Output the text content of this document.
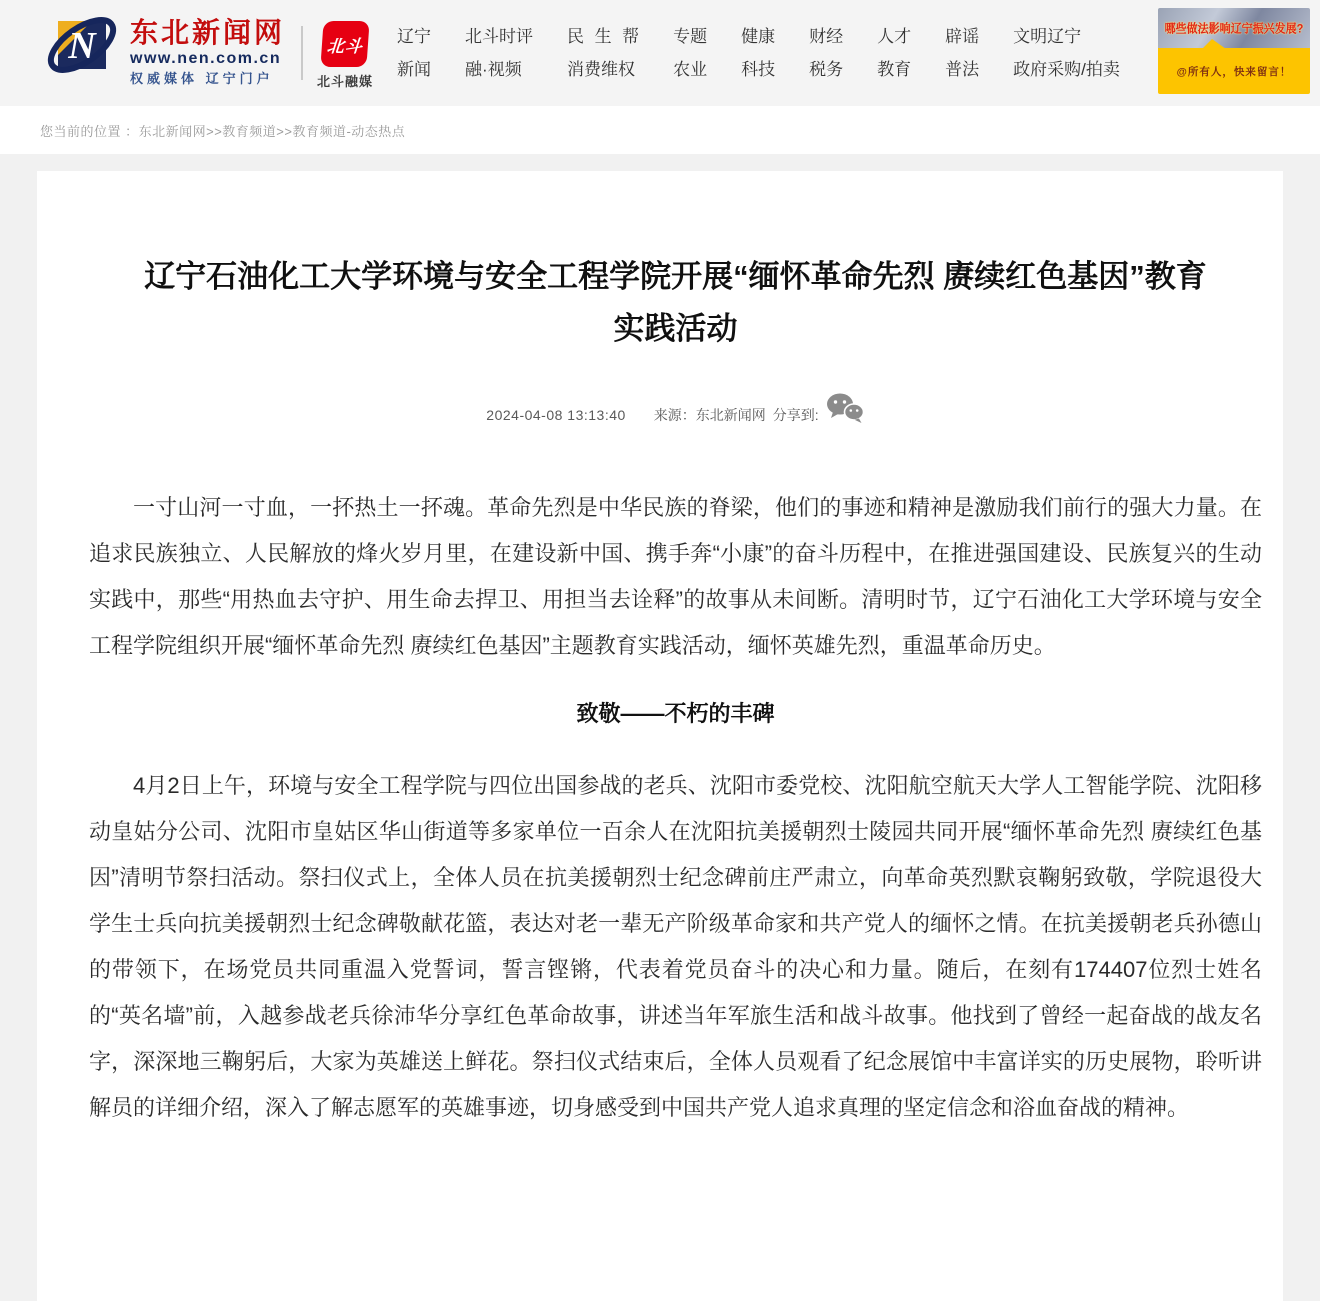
N 东北新闻网
www.nen.com.cn
权威媒体 辽宁门户
北斗
北斗融媒
辽宁
新闻
北斗时评
融·视频
民生帮
消费维权
专题
农业
健康
科技
财经
税务
人才
教育
辟谣
普法
文明辽宁
政府采购/拍卖
哪些做法影响辽宁振兴发展?
@所有人，快来留言！
您当前的位置 ：东北新闻网>>教育频道>>教育频道-动态热点
辽宁石油化工大学环境与安全工程学院开展“缅怀革命先烈 赓续红色基因”教育实践活动
2024-04-08 13:13:40 来源：东北新闻网 分享到:

一寸山河一寸血，一抔热土一抔魂。革命先烈是中华民族的脊梁，他们的事迹和精神是激励我们前行的强大力量。在追求民族独立、人民解放的烽火岁月里，在建设新中国、携手奔“小康”的奋斗历程中，在推进强国建设、民族复兴的生动实践中，那些“用热血去守护、用生命去捍卫、用担当去诠释”的故事从未间断。清明时节，辽宁石油化工大学环境与安全工程学院组织开展“缅怀革命先烈 赓续红色基因”主题教育实践活动，缅怀英雄先烈，重温革命历史。

致敬——不朽的丰碑

4月2日上午，环境与安全工程学院与四位出国参战的老兵、沈阳市委党校、沈阳航空航天大学人工智能学院、沈阳移动皇姑分公司、沈阳市皇姑区华山街道等多家单位一百余人在沈阳抗美援朝烈士陵园共同开展“缅怀革命先烈 赓续红色基因”清明节祭扫活动。祭扫仪式上，全体人员在抗美援朝烈士纪念碑前庄严肃立，向革命英烈默哀鞠躬致敬，学院退役大学生士兵向抗美援朝烈士纪念碑敬献花篮，表达对老一辈无产阶级革命家和共产党人的缅怀之情。在抗美援朝老兵孙德山的带领下，在场党员共同重温入党誓词，誓言铿锵，代表着党员奋斗的决心和力量。随后，在刻有174407位烈士姓名的“英名墙”前，入越参战老兵徐沛华分享红色革命故事，讲述当年军旅生活和战斗故事。他找到了曾经一起奋战的战友名字，深深地三鞠躬后，大家为英雄送上鲜花。祭扫仪式结束后，全体人员观看了纪念展馆中丰富详实的历史展物，聆听讲解员的详细介绍，深入了解志愿军的英雄事迹，切身感受到中国共产党人追求真理的坚定信念和浴血奋战的精神。
